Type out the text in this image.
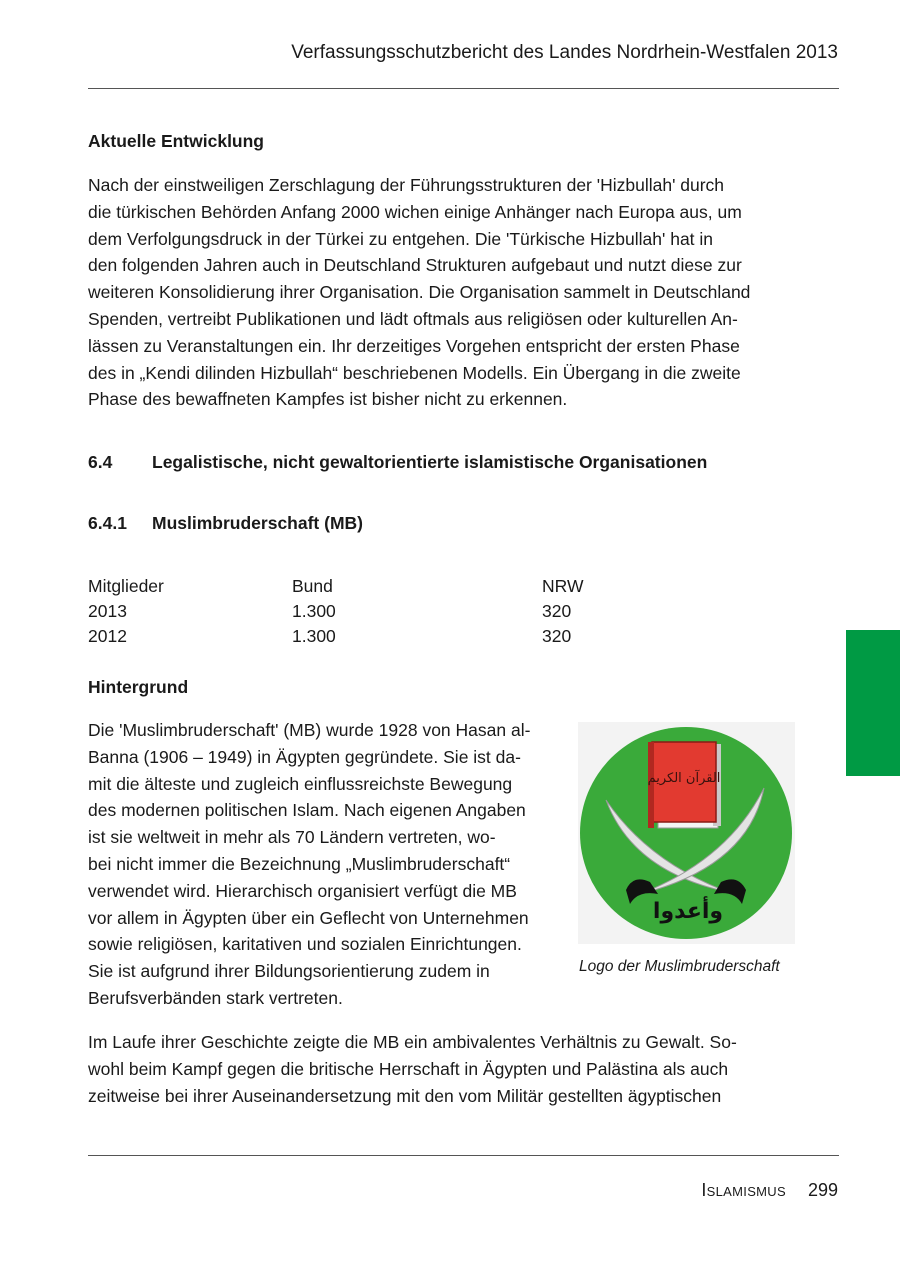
Verfassungsschutzbericht des Landes Nordrhein-Westfalen 2013
Aktuelle Entwicklung
Nach der einstweiligen Zerschlagung der Führungsstrukturen der 'Hizbullah' durch
die türkischen Behörden Anfang 2000 wichen einige Anhänger nach Europa aus, um
dem Verfolgungsdruck in der Türkei zu entgehen. Die 'Türkische Hizbullah' hat in
den folgenden Jahren auch in Deutschland Strukturen aufgebaut und nutzt diese zur
weiteren Konsolidierung ihrer Organisation. Die Organisation sammelt in Deutschland
Spenden, vertreibt Publikationen und lädt oftmals aus religiösen oder kulturellen An-
lässen zu Veranstaltungen ein. Ihr derzeitiges Vorgehen entspricht der ersten Phase
des in „Kendi dilinden Hizbullah“ beschriebenen Modells. Ein Übergang in die zweite
Phase des bewaffneten Kampfes ist bisher nicht zu erkennen.
6.4 Legalistische, nicht gewaltorientierte islamistische Organisationen
6.4.1 Muslimbruderschaft (MB)
Mitglieder	Bund	NRW
2013	1.300	320
2012	1.300	320
Hintergrund
Die 'Muslimbruderschaft' (MB) wurde 1928 von Hasan al-
Banna (1906 – 1949) in Ägypten gegründete. Sie ist da-
mit die älteste und zugleich einflussreichste Bewegung
des modernen politischen Islam. Nach eigenen Angaben
ist sie weltweit in mehr als 70 Ländern vertreten, wo-
bei nicht immer die Bezeichnung „Muslimbruderschaft“
verwendet wird. Hierarchisch organisiert verfügt die MB
vor allem in Ägypten über ein Geflecht von Unternehmen
sowie religiösen, karitativen und sozialen Einrichtungen.
Sie ist aufgrund ihrer Bildungsorientierung zudem in
Berufsverbänden stark vertreten.
القرآن الكريم
وأعدوا
Logo der Muslimbruderschaft
Im Laufe ihrer Geschichte zeigte die MB ein ambivalentes Verhältnis zu Gewalt. So-
wohl beim Kampf gegen die britische Herrschaft in Ägypten und Palästina als auch
zeitweise bei ihrer Auseinandersetzung mit den vom Militär gestellten ägyptischen
Islamismus 299
